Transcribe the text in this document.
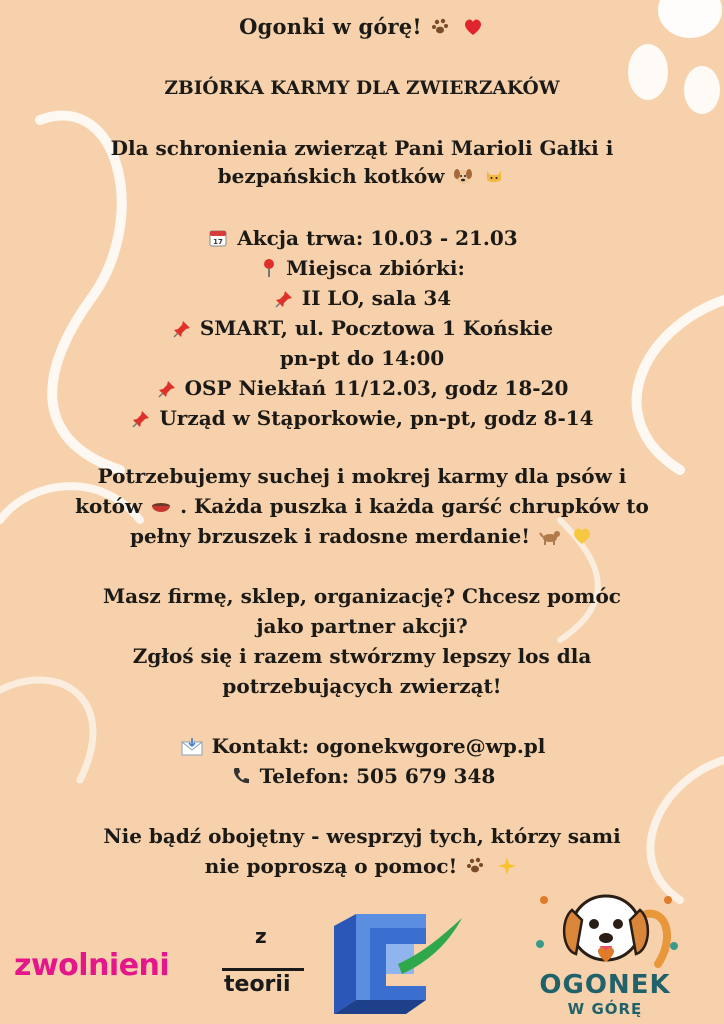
Ogonki w górę!
ZBIÓRKA KARMY DLA ZWIERZAKÓW
Dla schronienia zwierząt Pani Marioli Gałki i
bezpańskich kotków
17 Akcja trwa: 10.03 - 21.03
Miejsca zbiórki:
II LO, sala 34
SMART, ul. Pocztowa 1 Końskie
pn-pt do 14:00
OSP Niekłań 11/12.03, godz 18-20
Urząd w Stąporkowie, pn-pt, godz 8-14
Potrzebujemy suchej i mokrej karmy dla psów i
kotów . Każda puszka i każda garść chrupków to
pełny brzuszek i radosne merdanie!
Masz firmę, sklep, organizację? Chcesz pomóc
jako partner akcji?
Zgłoś się i razem stwórzmy lepszy los dla
potrzebujących zwierząt!
Kontakt: ogonekwgore@wp.pl
Telefon: 505 679 348
Nie bądź obojętny - wesprzyj tych, którzy sami
nie poproszą o pomoc!
zwolnieni
z
teorii	OGONEK
W GÓRĘ
